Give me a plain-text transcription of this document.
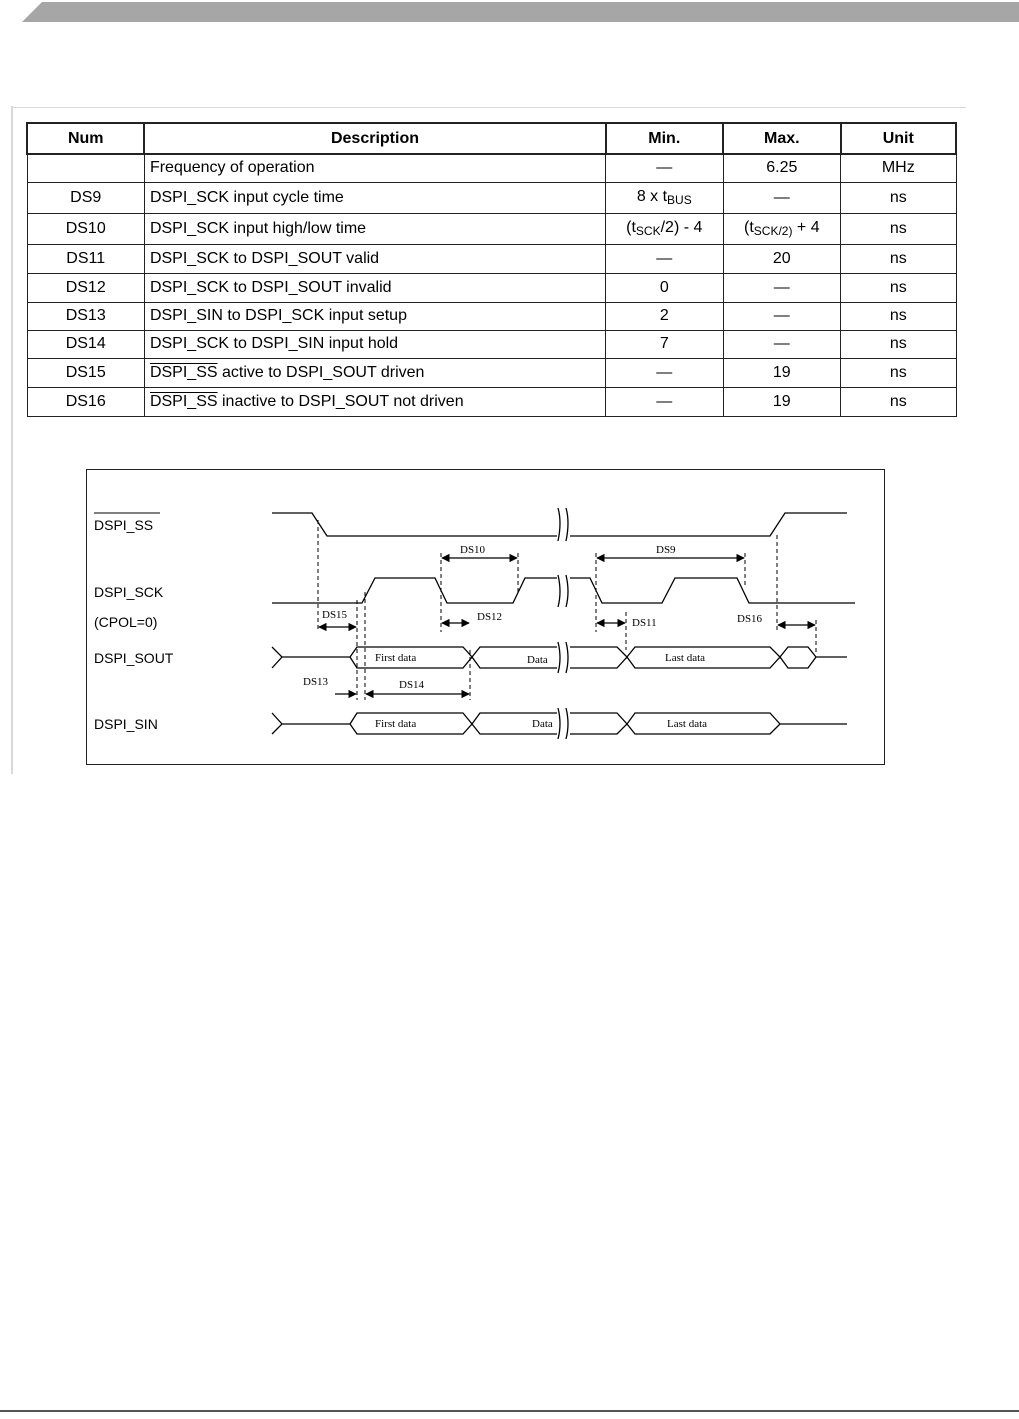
Num	Description	Min.	Max.	Unit
	Frequency of operation	—	6.25	MHz
DS9	DSPI_SCK input cycle time	8 x $t_{BUS}$	—	ns
DS10	DSPI_SCK input high/low time	$(t_{SCK}/2) - 4$	($t_{SCK/2)} + 4$	ns
DS11	DSPI_SCK to DSPI_SOUT valid	—	20	ns
DS12	DSPI_SCK to DSPI_SOUT invalid	0	—	ns
DS13	DSPI_SIN to DSPI_SCK input setup	2	—	ns
DS14	DSPI_SCK to DSPI_SIN input hold	7	—	ns
DS15	DSPI_SS active to DSPI_SOUT driven	—	19	ns
DS16	DSPI_SS inactive to DSPI_SOUT not driven	—	19	ns
DSPI_SS
DSPI_SCK
(CPOL=0)
DSPI_SOUT
DSPI_SIN
DS10	DS9
DS15	DS12	DS11	DS16
DS13	DS14
First data	Data	Last data
First data	Data	Last data
